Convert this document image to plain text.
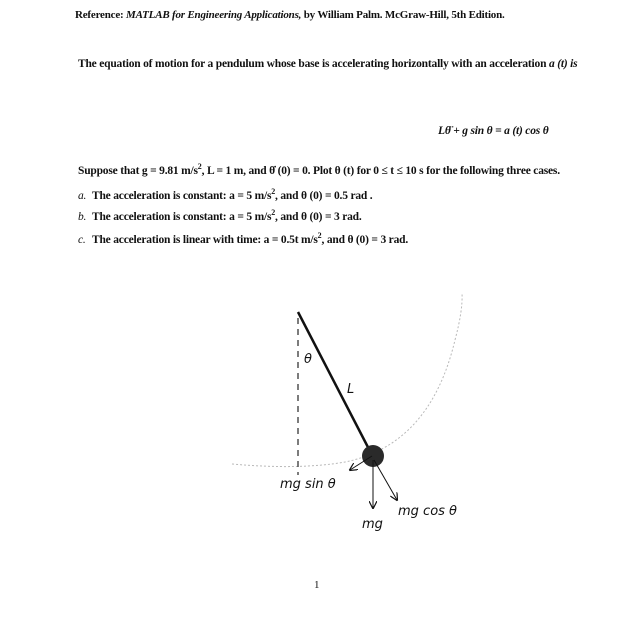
Reference: MATLAB for Engineering Applications, by William Palm. McGraw-Hill, 5th Edition.
The equation of motion for a pendulum whose base is accelerating horizontally with an acceleration a (t) is
Lθ̈ + g sin θ = a (t) cos θ
Suppose that g = 9.81 $m/s^2$, L = 1 m, and θ̇ (0) = 0. Plot θ (t) for 0 ≤ t ≤ 10 s for the following three cases.
a. The acceleration is constant: a = 5 $m/s^2$, and θ (0) = 0.5 rad .
b. The acceleration is constant: a = 5 $m/s^2$, and θ (0) = 3 rad.
c. The acceleration is linear with time: a = 0.5t $m/s^2$, and θ (0) = 3 rad.
θ
L
mg sin θ
mg cos θ
mg
1
